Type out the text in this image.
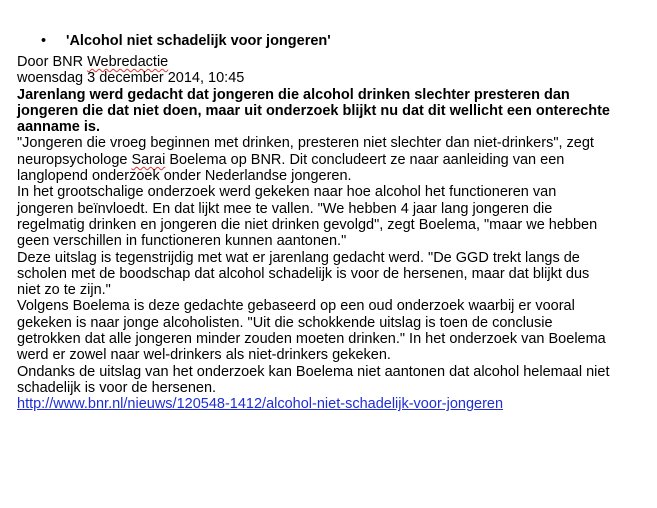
• 'Alcohol niet schadelijk voor jongeren'
Door BNR Webredactie
woensdag 3 december 2014, 10:45
Jarenlang werd gedacht dat jongeren die alcohol drinken slechter presteren dan
jongeren die dat niet doen, maar uit onderzoek blijkt nu dat dit wellicht een onterechte
aanname is.
"Jongeren die vroeg beginnen met drinken, presteren niet slechter dan niet-drinkers", zegt
neuropsychologe Sarai Boelema op BNR. Dit concludeert ze naar aanleiding van een
langlopend onderzoek onder Nederlandse jongeren.
In het grootschalige onderzoek werd gekeken naar hoe alcohol het functioneren van
jongeren beïnvloedt. En dat lijkt mee te vallen. "We hebben 4 jaar lang jongeren die
regelmatig drinken en jongeren die niet drinken gevolgd", zegt Boelema, "maar we hebben
geen verschillen in functioneren kunnen aantonen."
Deze uitslag is tegenstrijdig met wat er jarenlang gedacht werd. "De GGD trekt langs de
scholen met de boodschap dat alcohol schadelijk is voor de hersenen, maar dat blijkt dus
niet zo te zijn."
Volgens Boelema is deze gedachte gebaseerd op een oud onderzoek waarbij er vooral
gekeken is naar jonge alcoholisten. "Uit die schokkende uitslag is toen de conclusie
getrokken dat alle jongeren minder zouden moeten drinken." In het onderzoek van Boelema
werd er zowel naar wel-drinkers als niet-drinkers gekeken.
Ondanks de uitslag van het onderzoek kan Boelema niet aantonen dat alcohol helemaal niet
schadelijk is voor de hersenen.
http://www.bnr.nl/nieuws/120548-1412/alcohol-niet-schadelijk-voor-jongeren
